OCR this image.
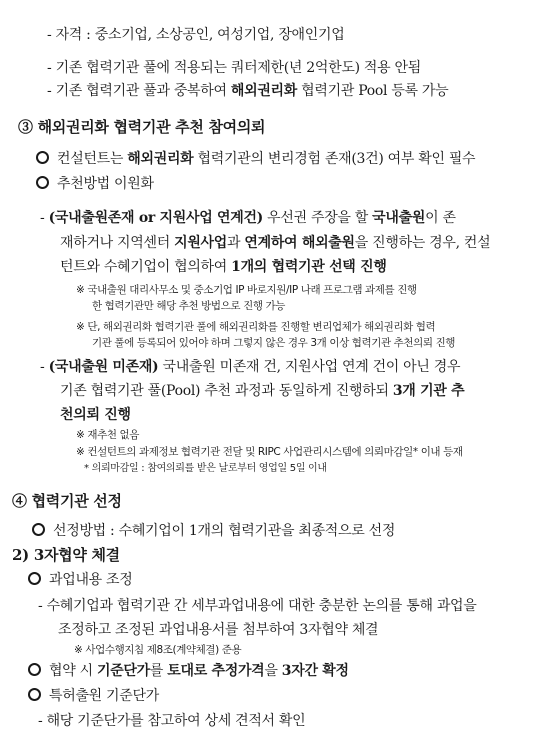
- 자격 : 중소기업, 소상공인, 여성기업, 장애인기업
- 기존 협력기관 풀에 적용되는 쿼터제한(년 2억한도) 적용 안됨
- 기존 협력기관 풀과 중복하여 해외권리화 협력기관 Pool 등록 가능
③ 해외권리화 협력기관 추천 참여의뢰
컨설턴트는 해외권리화 협력기관의 변리경험 존재(3건) 여부 확인 필수
추천방법 이원화
- (국내출원존재 or 지원사업 연계건) 우선권 주장을 할 국내출원이 존
재하거나 지역센터 지원사업과 연계하여 해외출원을 진행하는 경우, 컨설
턴트와 수혜기업이 협의하여 1개의 협력기관 선택 진행
※ 국내출원 대리사무소 및 중소기업 IP 바로지원/IP 나래 프로그램 과제를 진행
한 협력기관만 해당 추천 방법으로 진행 가능
※ 단, 해외권리화 협력기관 풀에 해외권리화를 진행할 변리업체가 해외권리화 협력
기관 풀에 등록되어 있어야 하며 그렇지 않은 경우 3개 이상 협력기관 추천의뢰 진행
- (국내출원 미존재) 국내출원 미존재 건, 지원사업 연계 건이 아닌 경우
기존 협력기관 풀(Pool) 추천 과정과 동일하게 진행하되 3개 기관 추
천의뢰 진행
※ 재추천 없음
※ 컨설턴트의 과제정보 협력기관 전달 및 RIPC 사업관리시스템에 의뢰마감일* 이내 등재
* 의뢰마감일 : 참여의뢰를 받은 날로부터 영업일 5일 이내
④ 협력기관 선정
선정방법 : 수혜기업이 1개의 협력기관을 최종적으로 선정
2) 3자협약 체결
과업내용 조정
- 수혜기업과 협력기관 간 세부과업내용에 대한 충분한 논의를 통해 과업을
조정하고 조정된 과업내용서를 첨부하여 3자협약 체결
※ 사업수행지침 제8조(계약체결) 준용
협약 시 기준단가를 토대로 추정가격을 3자간 확정
특허출원 기준단가
- 해당 기준단가를 참고하여 상세 견적서 확인
